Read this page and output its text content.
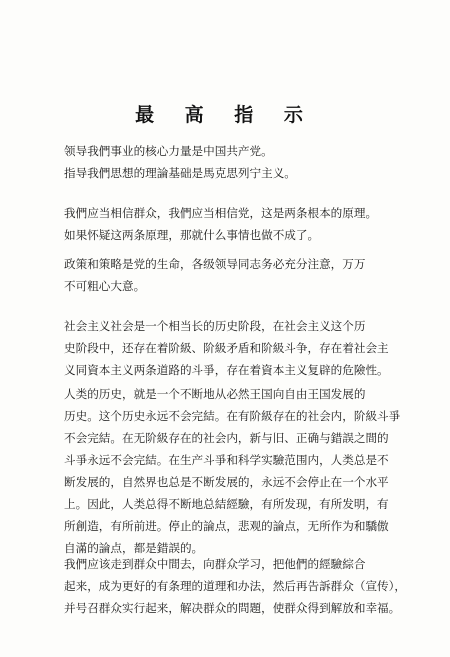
最 高 指 示
领导我們事业的核心力量是中国共产党。
指导我們思想的理論基础是馬克思列宁主义。
我們应当相信群众，我們应当相信党，这是两条根本的原理。
如果怀疑这两条原理，那就什么事情也做不成了。
政策和策略是党的生命，各级领导同志务必充分注意，万万
不可粗心大意。
社会主义社会是一个相当长的历史阶段，在社会主义这个历
史阶段中，还存在着阶級、阶級矛盾和阶級斗争，存在着社会主
义同資本主义两条道路的斗爭，存在着資本主义复辟的危險性。
人类的历史，就是一个不断地从必然王国向自由王国发展的
历史。这个历史永远不会完結。在有阶級存在的社会内，阶級斗爭
不会完結。在无阶級存在的社会内，新与旧、正确与錯誤之間的
斗爭永远不会完結。在生产斗爭和科学实驗范围内，人类总是不
断发展的，自然界也总是不断发展的，永远不会停止在一个水平
上。因此，人类总得不断地总結經驗，有所发现，有所发明，有
所創造，有所前进。停止的論点，悲观的論点，无所作为和驕傲
自滿的論点，都是錯誤的。
我們应该走到群众中間去，向群众学习，把他們的經驗綜合
起来，成为更好的有条理的道理和办法，然后再告訴群众（宣传），
并号召群众实行起来，解决群众的問題，使群众得到解放和幸福。
